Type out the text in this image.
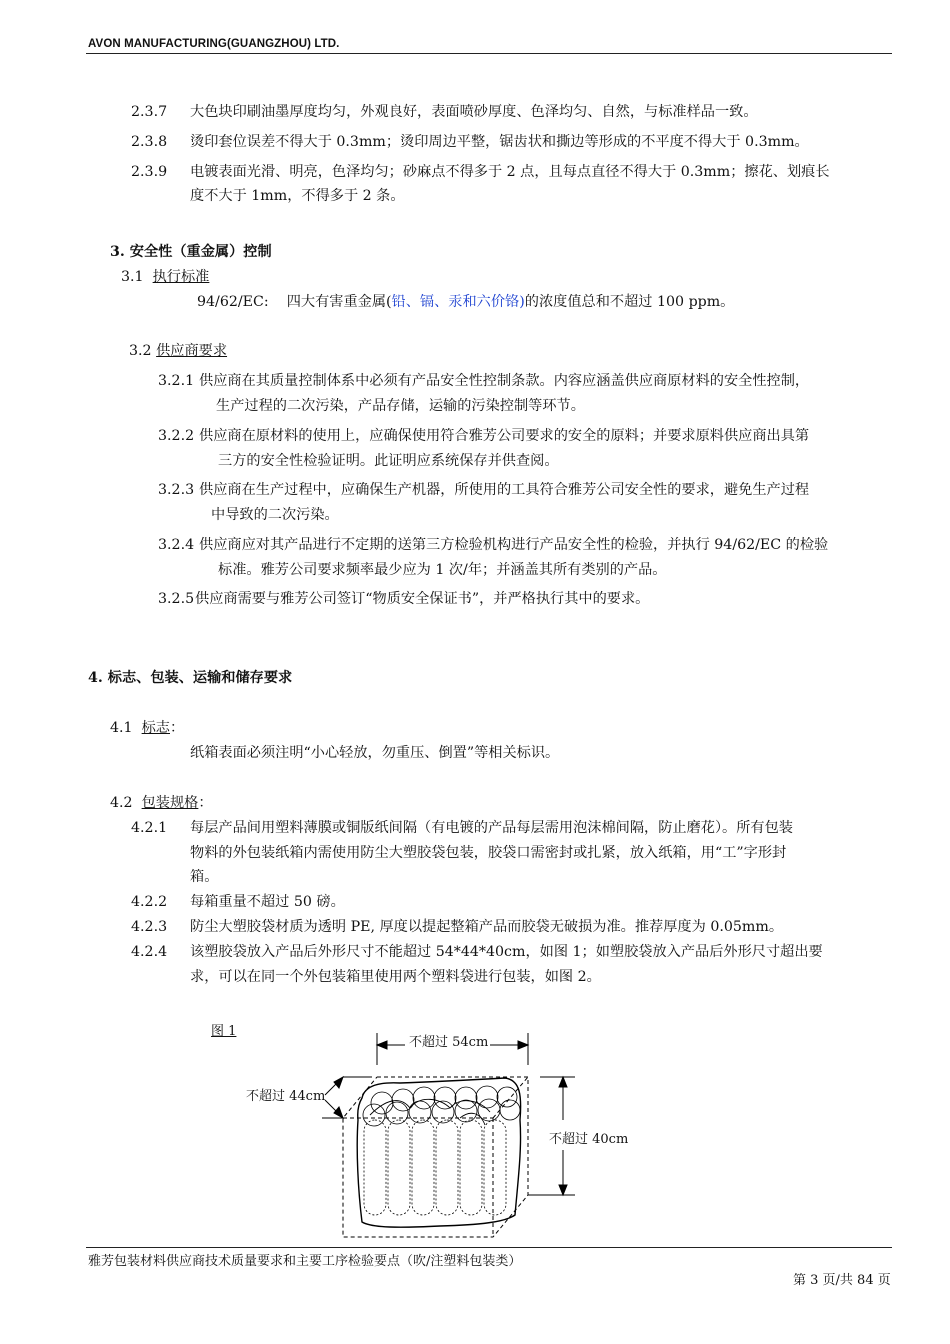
AVON MANUFACTURING(GUANGZHOU) LTD.
2.3.7 大色块印刷油墨厚度均匀，外观良好，表面喷砂厚度、色泽均匀、自然，与标准样品一致。
2.3.8 烫印套位误差不得大于 0.3mm；烫印周边平整，锯齿状和撕边等形成的不平度不得大于 0.3mm。
2.3.9 电镀表面光滑、明亮，色泽均匀；砂麻点不得多于 2 点，且每点直径不得大于 0.3mm；擦花、划痕长
度不大于 1mm，不得多于 2 条。
3. 安全性（重金属）控制
3.1 执行标准
94/62/EC:    四大有害重金属(铅、镉、汞和六价铬)的浓度值总和不超过 100 ppm。
3.2 供应商要求
3.2.1 供应商在其质量控制体系中必须有产品安全性控制条款。内容应涵盖供应商原材料的安全性控制，
生产过程的二次污染，产品存储，运输的污染控制等环节。
3.2.2 供应商在原材料的使用上，应确保使用符合雅芳公司要求的安全的原料；并要求原料供应商出具第
三方的安全性检验证明。此证明应系统保存并供查阅。
3.2.3 供应商在生产过程中，应确保生产机器，所使用的工具符合雅芳公司安全性的要求，避免生产过程
中导致的二次污染。
3.2.4 供应商应对其产品进行不定期的送第三方检验机构进行产品安全性的检验，并执行 94/62/EC 的检验
标准。雅芳公司要求频率最少应为 1 次/年；并涵盖其所有类别的产品。
3.2.5 供应商需要与雅芳公司签订“物质安全保证书”，并严格执行其中的要求。
4. 标志、包装、运输和储存要求
4.1 标志：
纸箱表面必须注明“小心轻放，勿重压、倒置”等相关标识。
4.2 包装规格：
4.2.1 每层产品间用塑料薄膜或铜版纸间隔（有电镀的产品每层需用泡沫棉间隔，防止磨花）。所有包装
物料的外包装纸箱内需使用防尘大塑胶袋包装，胶袋口需密封或扎紧，放入纸箱，用“工”字形封
箱。
4.2.2 每箱重量不超过 50 磅。
4.2.3 防尘大塑胶袋材质为透明 PE, 厚度以提起整箱产品而胶袋无破损为准。推荐厚度为 0.05mm。
4.2.4 该塑胶袋放入产品后外形尺寸不能超过 54*44*40cm，如图 1；如塑胶袋放入产品后外形尺寸超出要
求，可以在同一个外包装箱里使用两个塑料袋进行包装，如图 2。
图 1
不超过 54cm
不超过 44cm
不超过 40cm
雅芳包装材料供应商技术质量要求和主要工序检验要点（吹/注塑料包装类）
第 3 页/共 84 页
